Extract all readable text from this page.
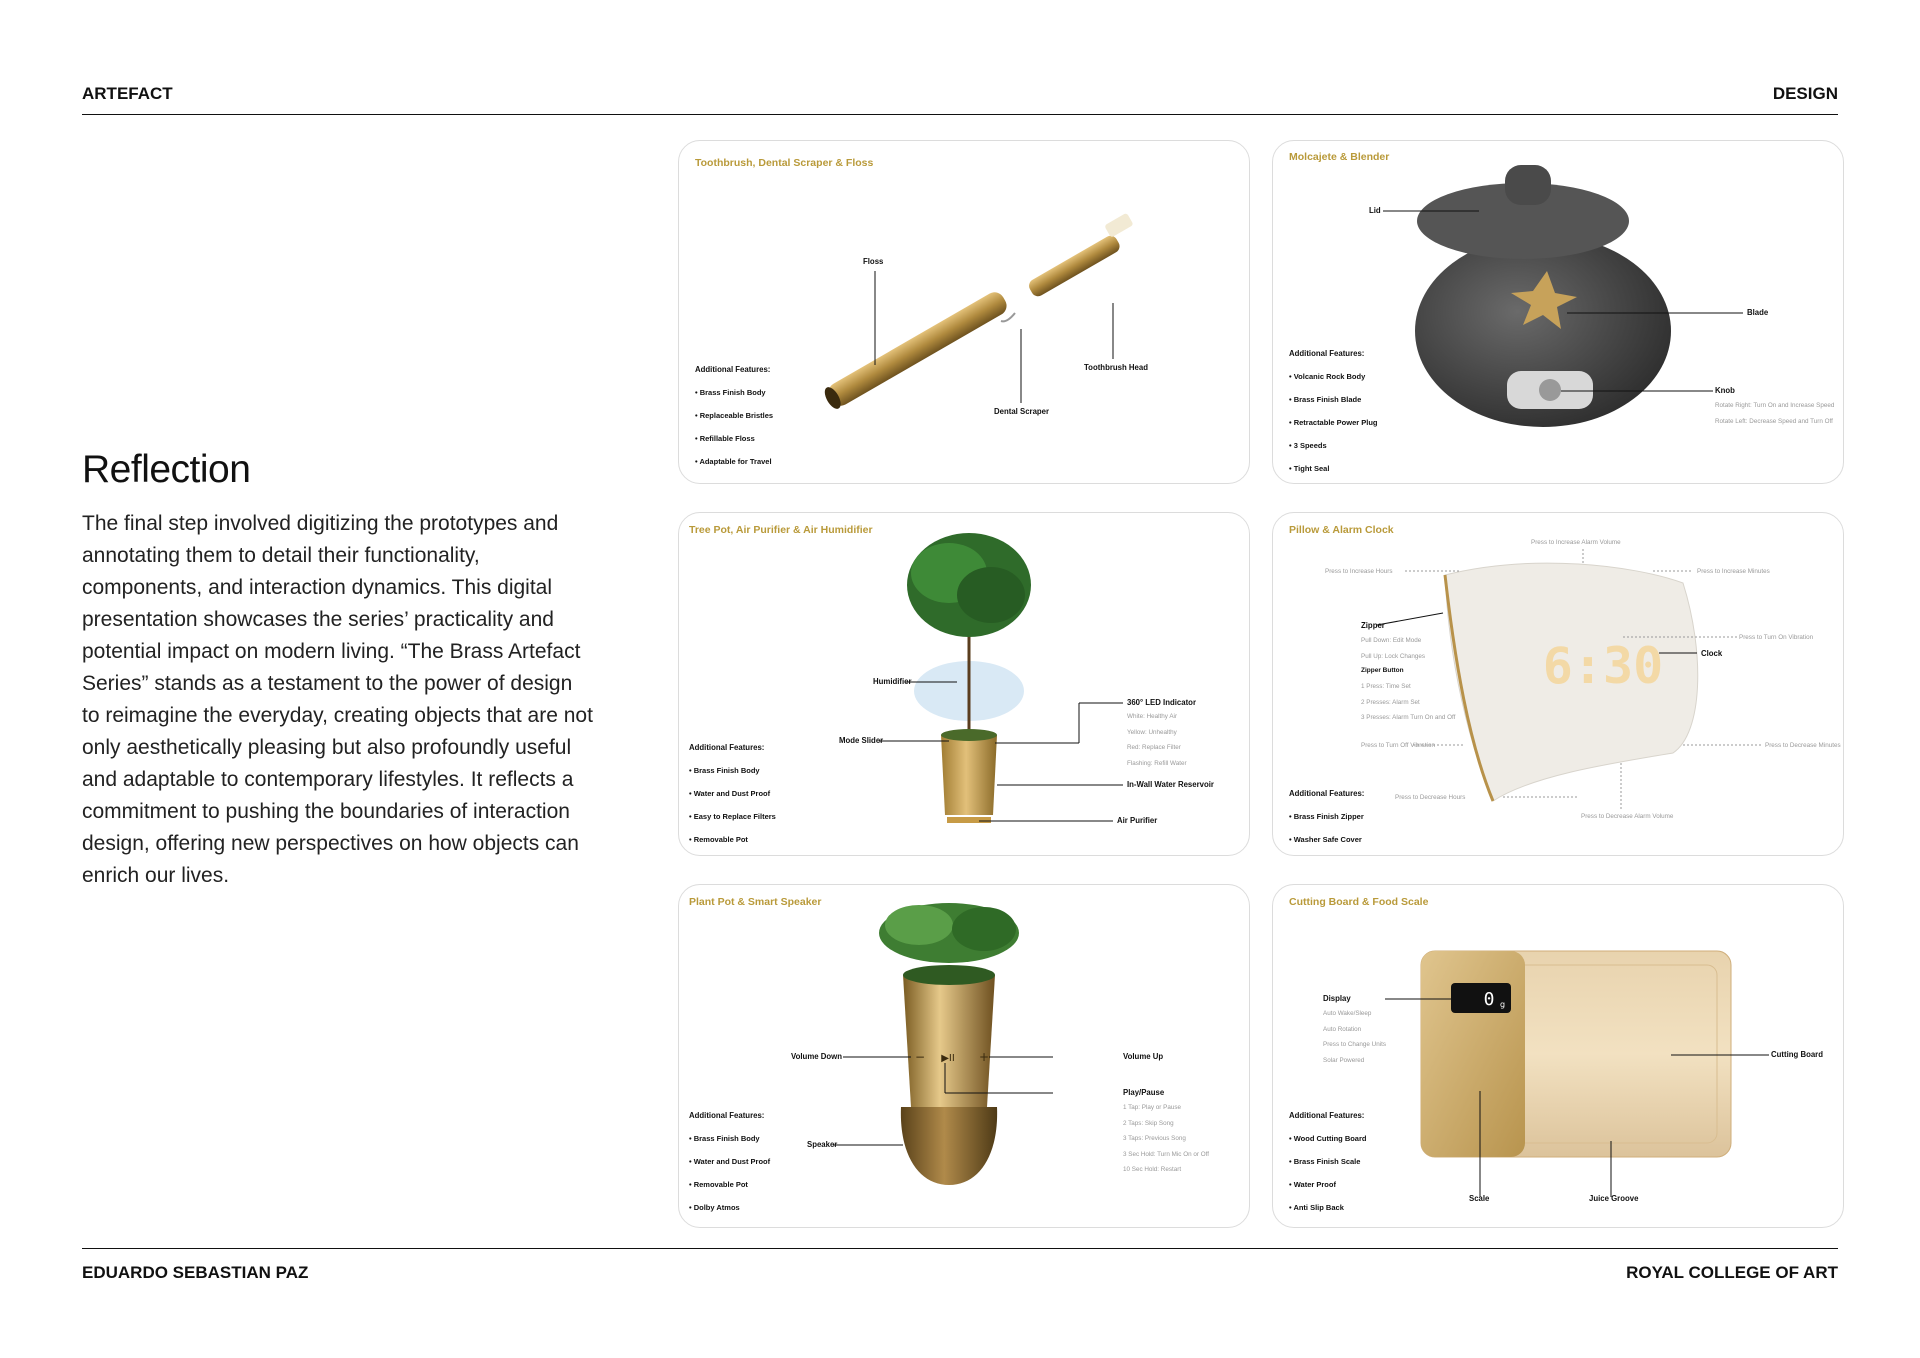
ARTEFACT	DESIGN
EDUARDO SEBASTIAN PAZ	ROYAL COLLEGE OF ART
Reflection
The final step involved digitizing the prototypes and annotating them to detail their functionality, components, and interaction dynamics. This digital presentation showcases the series’ practicality and potential impact on modern living. “The Brass Artefact Series” stands as a testament to the power of design to reimagine the everyday, creating objects that are not only aesthetically pleasing but also profoundly useful and adaptable to contemporary lifestyles. It reflects a commitment to pushing the boundaries of interaction design, offering new perspectives on how objects can enrich our lives.
Toothbrush, Dental Scraper & Floss
Floss
Toothbrush Head
Dental Scraper
Additional Features:
• Brass Finish Body
• Replaceable Bristles
• Refillable Floss
• Adaptable for Travel
Molcajete & Blender
Lid
Blade
Knob
Rotate Right: Turn On and Increase Speed
Rotate Left: Decrease Speed and Turn Off
Additional Features:
• Volcanic Rock Body
• Brass Finish Blade
• Retractable Power Plug
• 3 Speeds
• Tight Seal
Tree Pot, Air Purifier & Air Humidifier
Humidifier
Mode Slider
360° LED Indicator
White: Healthy Air
Yellow: Unhealthy
Red: Replace Filter
Flashing: Refill Water
In-Wall Water Reservoir
Air Purifier
Additional Features:
• Brass Finish Body
• Water and Dust Proof
• Easy to Replace Filters
• Removable Pot
6:30
Pillow & Alarm Clock
Press to Increase Alarm Volume
Press to Increase Hours	Press to Increase Minutes
Zipper
Pull Down: Edit Mode
Pull Up: Lock Changes
Zipper Button
1 Press: Time Set
2 Presses: Alarm Set
3 Presses: Alarm Turn On and Off
Press to Turn On Vibration
Clock
Press to Turn Off Vibration	Press to Decrease Minutes
Press to Decrease Hours
Press to Decrease Alarm Volume
Additional Features:
• Brass Finish Zipper
• Washer Safe Cover
▶II
−	+
Plant Pot & Smart Speaker
Volume Down	Volume Up
Play/Pause
1 Tap: Play or Pause
2 Taps: Skip Song
3 Taps: Previous Song
3 Sec Hold: Turn Mic On or Off
10 Sec Hold: Restart
Speaker
Additional Features:
• Brass Finish Body
• Water and Dust Proof
• Removable Pot
• Dolby Atmos
0 g
Cutting Board & Food Scale
Display
Auto Wake/Sleep
Auto Rotation
Press to Change Units
Solar Powered
Cutting Board
Scale	Juice Groove
Additional Features:
• Wood Cutting Board
• Brass Finish Scale
• Water Proof
• Anti Slip Back
